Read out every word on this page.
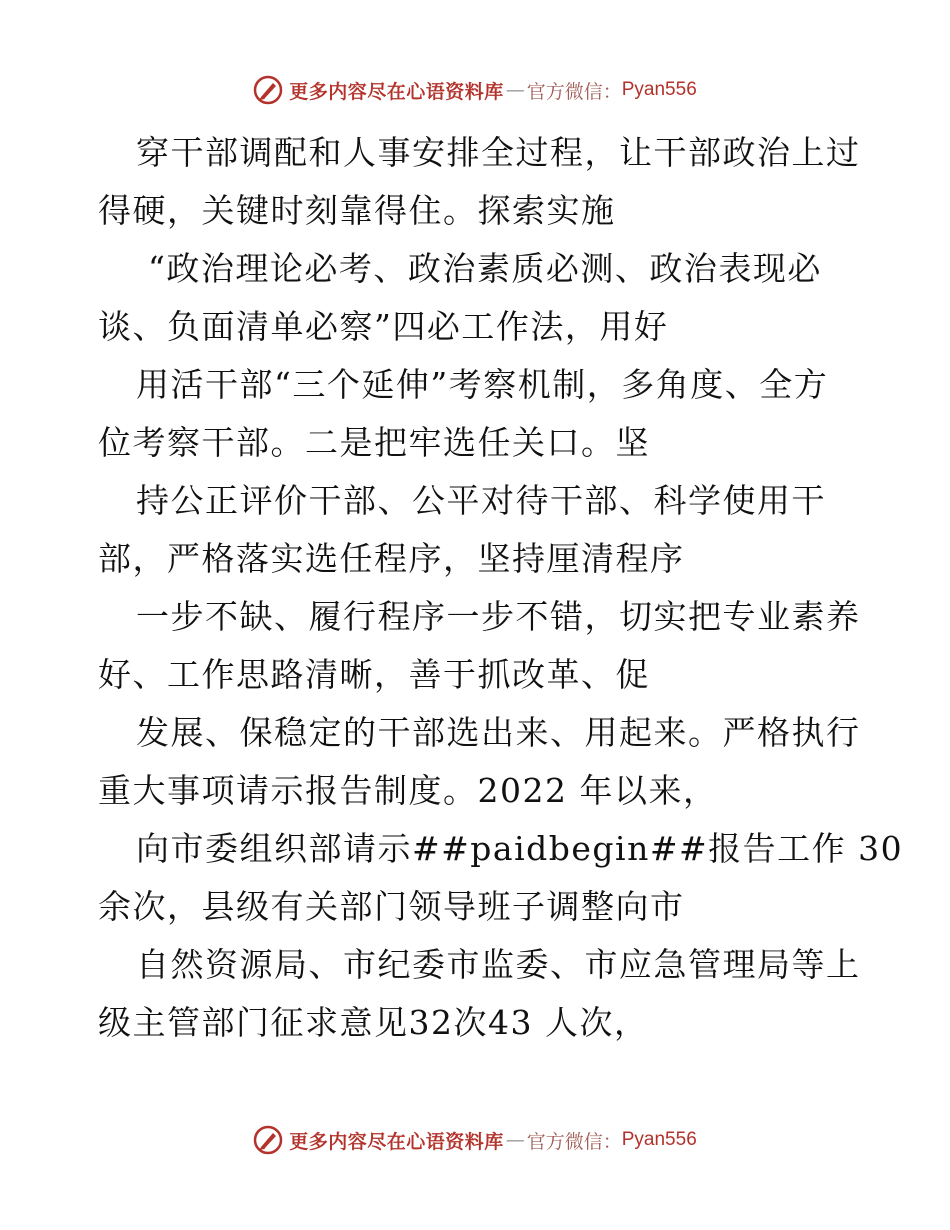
更多内容尽在心语资料库 — 官方微信： Pyan556
穿干部调配和人事安排全过程，让干部政治上过
得硬，关键时刻靠得住。探索实施
“政治理论必考、政治素质必测、政治表现必
谈、负面清单必察”四必工作法，用好
用活干部“三个延伸”考察机制，多角度、全方
位考察干部。二是把牢选任关口。坚
持公正评价干部、公平对待干部、科学使用干
部，严格落实选任程序，坚持厘清程序
一步不缺、履行程序一步不错，切实把专业素养
好、工作思路清晰，善于抓改革、促
发展、保稳定的干部选出来、用起来。严格执行
重大事项请示报告制度。2022 年以来，
向市委组织部请示##paidbegin##报告工作 30
余次，县级有关部门领导班子调整向市
自然资源局、市纪委市监委、市应急管理局等上
级主管部门征求意见32次43 人次，
更多内容尽在心语资料库 — 官方微信： Pyan556
